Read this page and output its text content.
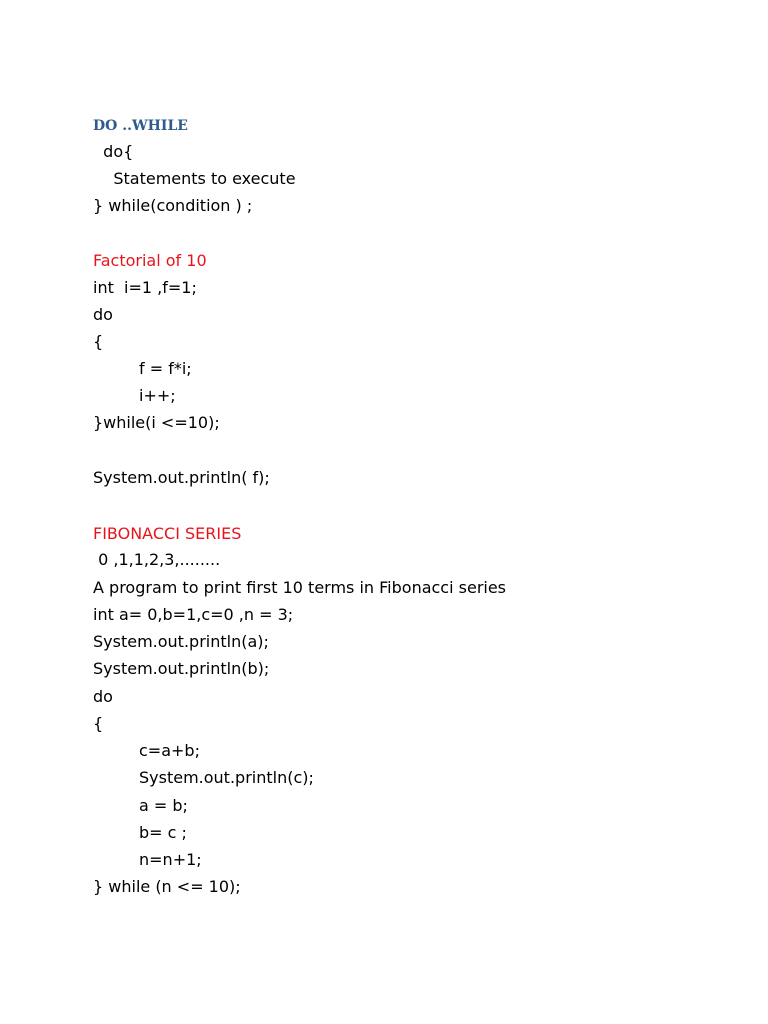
DO ..WHILE

do{

Statements to execute

} while(condition ) ;

Factorial of 10

int  i=1 ,f=1;

do

{

f = f*i;

i++;

}while(i <=10);

System.out.println( f);

FIBONACCI SERIES

0 ,1,1,2,3,........

A program to print first 10 terms in Fibonacci series

int a= 0,b=1,c=0 ,n = 3;

System.out.println(a);

System.out.println(b);

do

{

c=a+b;

System.out.println(c);

a = b;

b= c ;

n=n+1;

} while (n <= 10);
